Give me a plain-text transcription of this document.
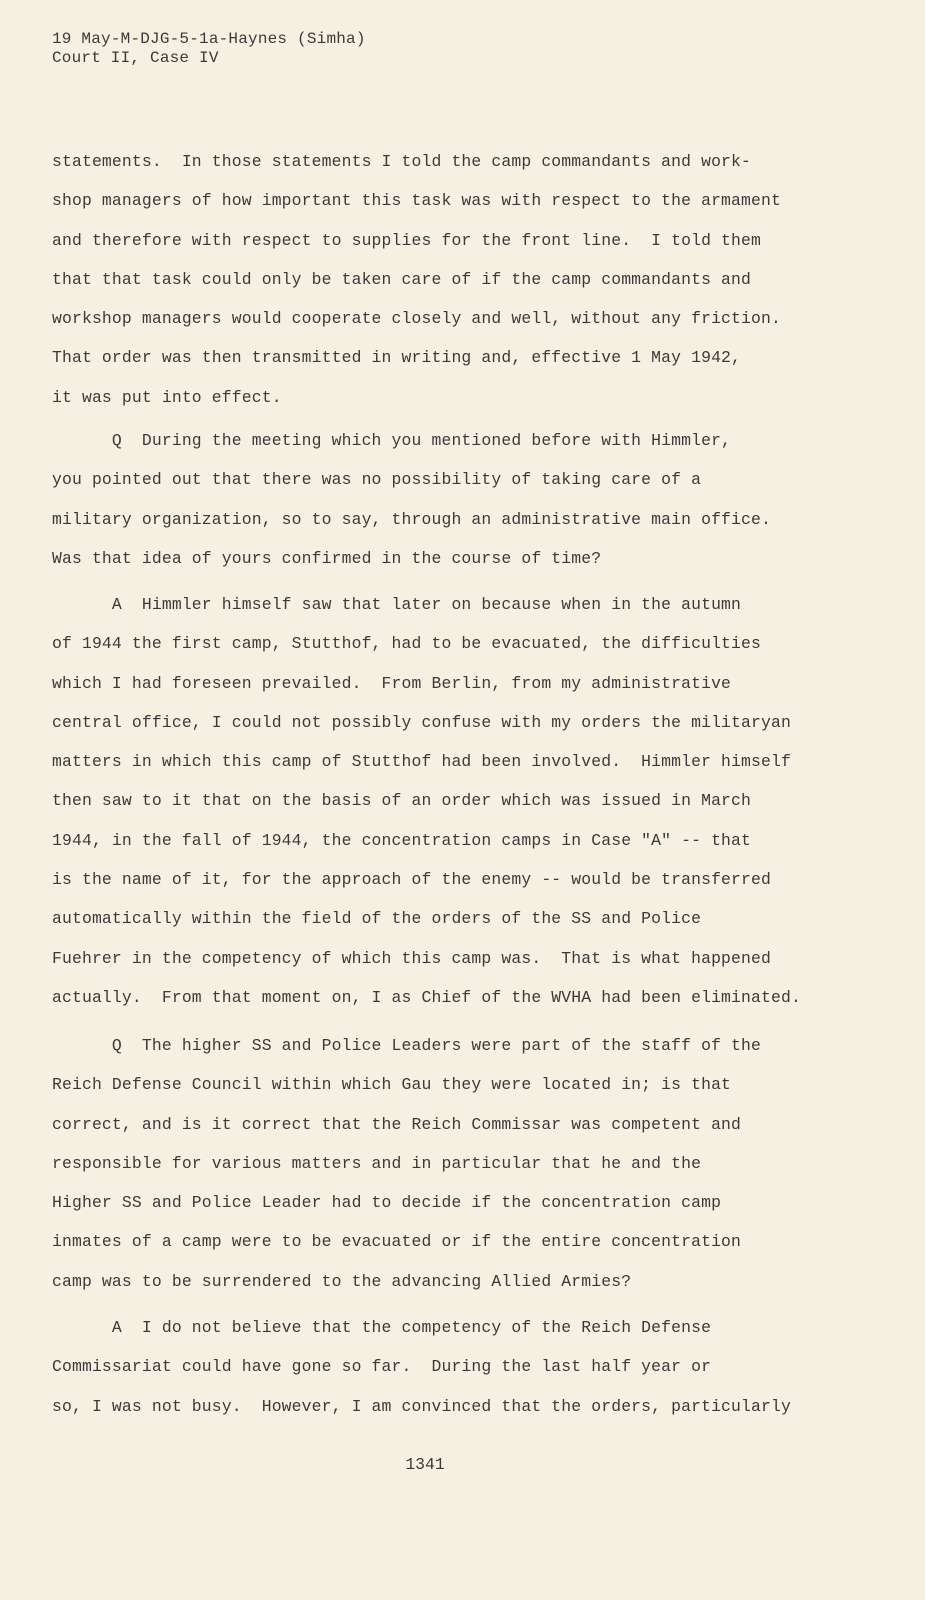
19 May-M-DJG-5-1a-Haynes (Simha)
Court II, Case IV
statements.  In those statements I told the camp commandants and work-
shop managers of how important this task was with respect to the armament
and therefore with respect to supplies for the front line.  I told them
that that task could only be taken care of if the camp commandants and
workshop managers would cooperate closely and well, without any friction.
That order was then transmitted in writing and, effective 1 May 1942,
it was put into effect.
Q  During the meeting which you mentioned before with Himmler,
you pointed out that there was no possibility of taking care of a
military organization, so to say, through an administrative main office.
Was that idea of yours confirmed in the course of time?
A  Himmler himself saw that later on because when in the autumn
of 1944 the first camp, Stutthof, had to be evacuated, the difficulties
which I had foreseen prevailed.  From Berlin, from my administrative
central office, I could not possibly confuse with my orders the militaryan
matters in which this camp of Stutthof had been involved.  Himmler himself
then saw to it that on the basis of an order which was issued in March
1944, in the fall of 1944, the concentration camps in Case "A" -- that
is the name of it, for the approach of the enemy -- would be transferred
automatically within the field of the orders of the SS and Police
Fuehrer in the competency of which this camp was.  That is what happened
actually.  From that moment on, I as Chief of the WVHA had been eliminated.
Q  The higher SS and Police Leaders were part of the staff of the
Reich Defense Council within which Gau they were located in; is that
correct, and is it correct that the Reich Commissar was competent and
responsible for various matters and in particular that he and the
Higher SS and Police Leader had to decide if the concentration camp
inmates of a camp were to be evacuated or if the entire concentration
camp was to be surrendered to the advancing Allied Armies?
A  I do not believe that the competency of the Reich Defense
Commissariat could have gone so far.  During the last half year or
so, I was not busy.  However, I am convinced that the orders, particularly
1341
